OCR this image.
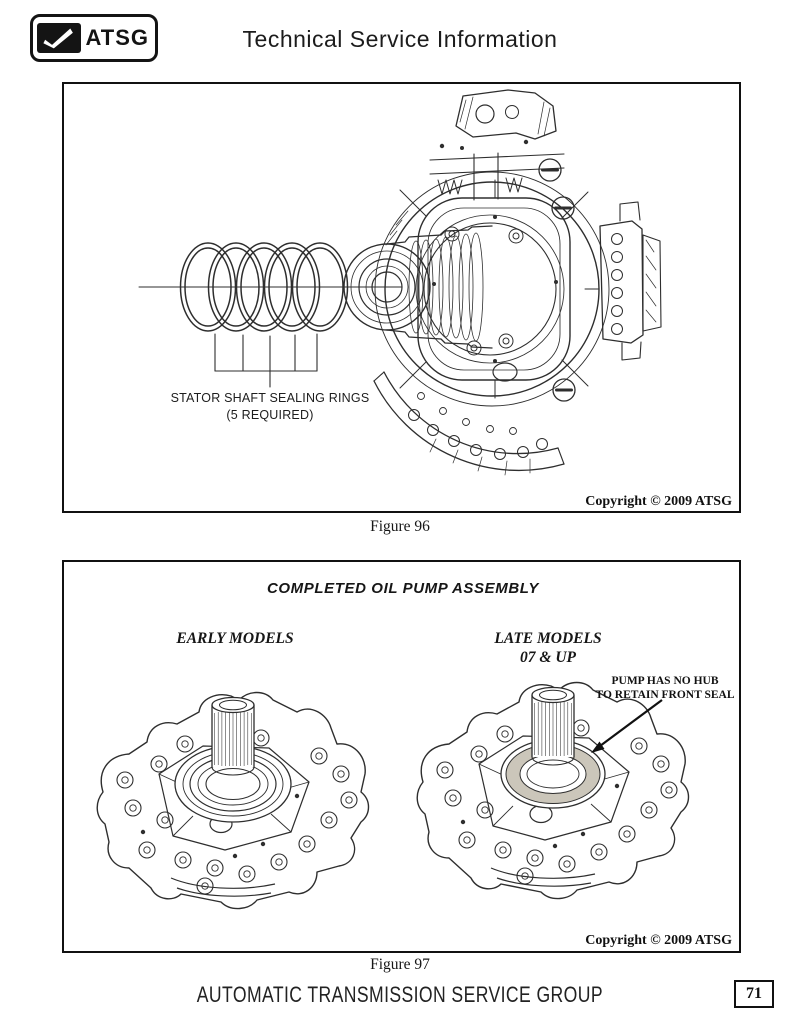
ATSG	Technical Service Information
STATOR SHAFT SEALING RINGS
(5 REQUIRED)
Copyright © 2009 ATSG
Figure 96
COMPLETED OIL PUMP ASSEMBLY
EARLY MODELS	LATE MODELS
07 & UP
PUMP HAS NO HUB
TO RETAIN FRONT SEAL
Copyright © 2009 ATSG
Figure 97
AUTOMATIC TRANSMISSION SERVICE GROUP	71
